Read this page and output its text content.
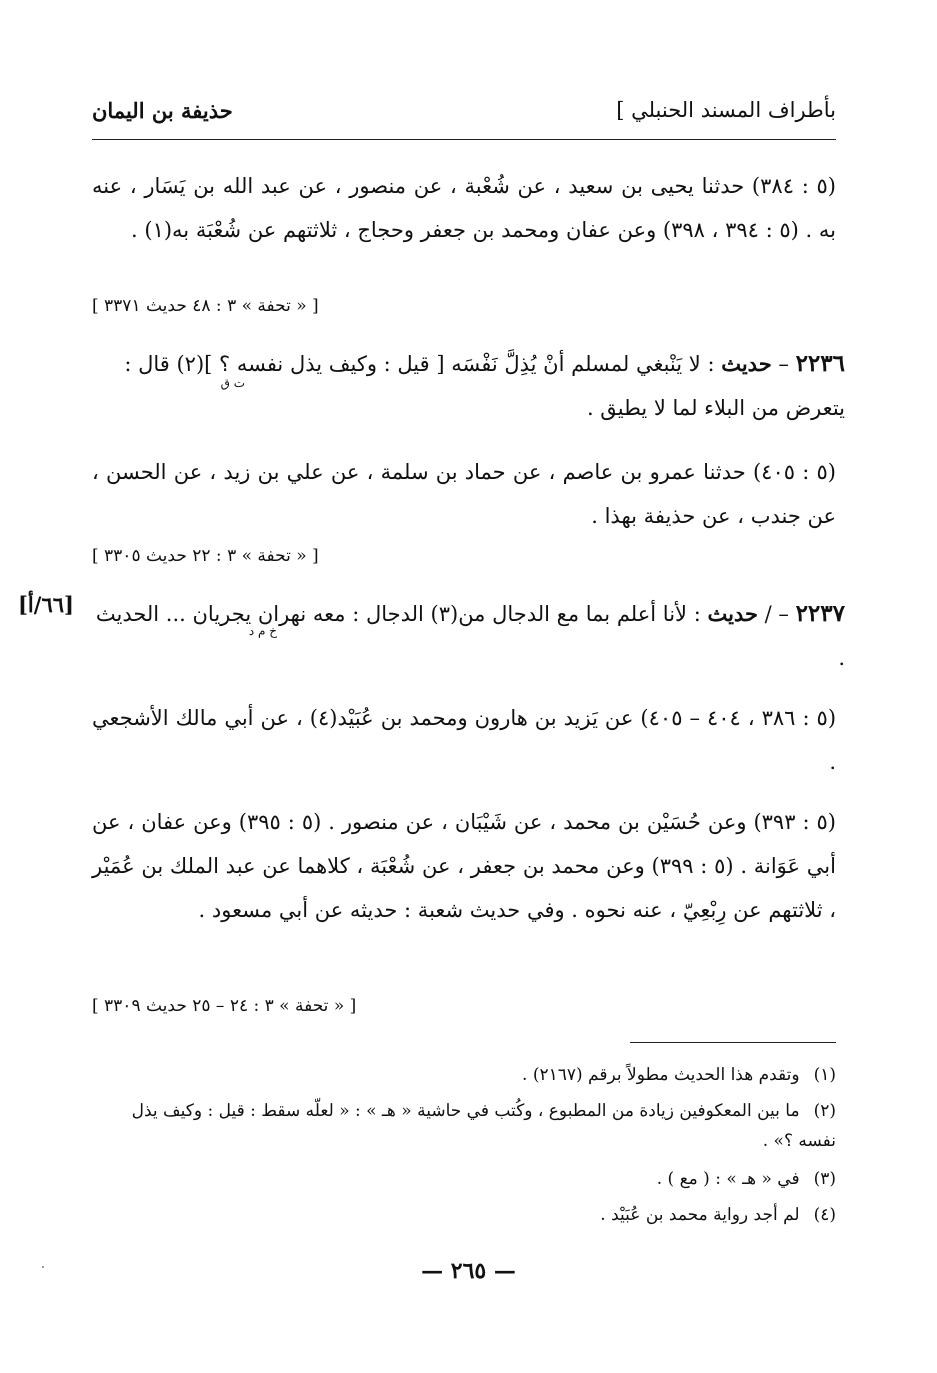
بأطراف المسند الحنبلي ]
حذيفة بن اليمان

(٥ : ٣٨٤) حدثنا يحيى بن سعيد ، عن شُعْبة ، عن منصور ، عن عبد الله بن يَسَار ، عنه به . (٥ : ٣٩٤ ، ٣٩٨) وعن عفان ومحمد بن جعفر وحجاج ، ثلاثتهم عن شُعْبَة به(١) .

[ « تحفة » ٣ : ٤٨ حديث ٣٣٧١ ]

٢٢٣٦ – حديث : لا يَنْبغي لمسلم أنْ يُذِلَّ نَفْسَه [ قيل : وكيف يذل نفسه ؟ ](٢) قال : يتعرض من البلاء لما لا يطيق .

ت ق

(٥ : ٤٠٥) حدثنا عمرو بن عاصم ، عن حماد بن سلمة ، عن علي بن زيد ، عن الحسن ، عن جندب ، عن حذيفة بهذا .

[ « تحفة » ٣ : ٢٢ حديث ٣٣٠٥ ]
[٦٦/أ]	٢٢٣٧ – / حديث : لأنا أعلم بما مع الدجال من(٣) الدجال : معه نهران يجريان ... الحديث .

خ م د

(٥ : ٣٨٦ ، ٤٠٤ – ٤٠٥) عن يَزيد بن هارون ومحمد بن عُبَيْد(٤) ، عن أبي مالك الأشجعي .

(٥ : ٣٩٣) وعن حُسَيْن بن محمد ، عن شَيْبَان ، عن منصور . (٥ : ٣٩٥) وعن عفان ، عن أبي عَوَانة . (٥ : ٣٩٩) وعن محمد بن جعفر ، عن شُعْبَة ، كلاهما عن عبد الملك بن عُمَيْر ، ثلاثتهم عن رِبْعِيّ ، عنه نحوه . وفي حديث شعبة : حديثه عن أبي مسعود .

[ « تحفة » ٣ : ٢٤ – ٢٥ حديث ٣٣٠٩ ]

(١)وتقدم هذا الحديث مطولاً برقم (٢١٦٧) .

(٢)ما بين المعكوفين زيادة من المطبوع ، وكُتب في حاشية « هـ » : « لعلّه سقط : قيل : وكيف يذل نفسه ؟» .

(٣)في « هـ » : ( مع ) .

(٤)لم أجد رواية محمد بن عُبَيْد .

— ٢٦٥ —
